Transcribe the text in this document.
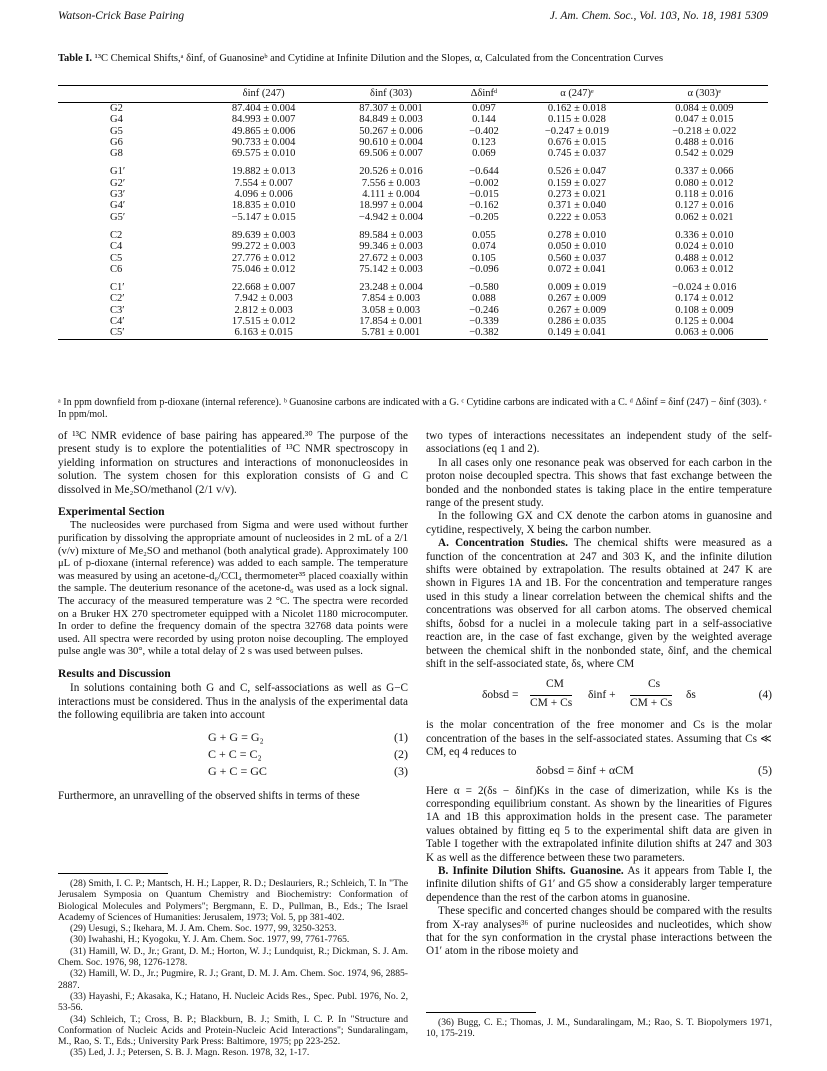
Watson-Crick Base Pairing	J. Am. Chem. Soc., Vol. 103, No. 18, 1981 5309
Table I. ¹³C Chemical Shifts,ᵃ δinf, of Guanosineᵇ and Cytidine at Infinite Dilution and the Slopes, α, Calculated from the Concentration Curves
	δinf (247)	δinf (303)	Δδinfᵈ	α (247)ᵉ	α (303)ᵉ
G2	87.404 ± 0.004	87.307 ± 0.001	0.097	0.162 ± 0.018	0.084 ± 0.009
G4	84.993 ± 0.007	84.849 ± 0.003	0.144	0.115 ± 0.028	0.047 ± 0.015
G5	49.865 ± 0.006	50.267 ± 0.006	−0.402	−0.247 ± 0.019	−0.218 ± 0.022
G6	90.733 ± 0.004	90.610 ± 0.004	0.123	0.676 ± 0.015	0.488 ± 0.016
G8	69.575 ± 0.010	69.506 ± 0.007	0.069	0.745 ± 0.037	0.542 ± 0.029

G1′	19.882 ± 0.013	20.526 ± 0.016	−0.644	0.526 ± 0.047	0.337 ± 0.066
G2′	7.554 ± 0.007	7.556 ± 0.003	−0.002	0.159 ± 0.027	0.080 ± 0.012
G3′	4.096 ± 0.006	4.111 ± 0.004	−0.015	0.273 ± 0.021	0.118 ± 0.016
G4′	18.835 ± 0.010	18.997 ± 0.004	−0.162	0.371 ± 0.040	0.127 ± 0.016
G5′	−5.147 ± 0.015	−4.942 ± 0.004	−0.205	0.222 ± 0.053	0.062 ± 0.021

C2	89.639 ± 0.003	89.584 ± 0.003	0.055	0.278 ± 0.010	0.336 ± 0.010
C4	99.272 ± 0.003	99.346 ± 0.003	0.074	0.050 ± 0.010	0.024 ± 0.010
C5	27.776 ± 0.012	27.672 ± 0.003	0.105	0.560 ± 0.037	0.488 ± 0.012
C6	75.046 ± 0.012	75.142 ± 0.003	−0.096	0.072 ± 0.041	0.063 ± 0.012

C1′	22.668 ± 0.007	23.248 ± 0.004	−0.580	0.009 ± 0.019	−0.024 ± 0.016
C2′	7.942 ± 0.003	7.854 ± 0.003	0.088	0.267 ± 0.009	0.174 ± 0.012
C3′	2.812 ± 0.003	3.058 ± 0.003	−0.246	0.267 ± 0.009	0.108 ± 0.009
C4′	17.515 ± 0.012	17.854 ± 0.001	−0.339	0.286 ± 0.035	0.125 ± 0.004
C5′	6.163 ± 0.015	5.781 ± 0.001	−0.382	0.149 ± 0.041	0.063 ± 0.006
ᵃ In ppm downfield from p-dioxane (internal reference). ᵇ Guanosine carbons are indicated with a G. ᶜ Cytidine carbons are indicated with a C. ᵈ Δδinf = δinf (247) − δinf (303). ᵉ In ppm/mol.

of ¹³C NMR evidence of base pairing has appeared.³⁰ The purpose of the present study is to explore the potentialities of ¹³C NMR spectroscopy in yielding information on structures and interactions of mononucleosides in solution. The system chosen for this exploration consists of G and C dissolved in Me₂SO/methanol (2/1 v/v).

Experimental Section

The nucleosides were purchased from Sigma and were used without further purification by dissolving the appropriate amount of nucleosides in 2 mL of a 2/1 (v/v) mixture of Me₂SO and methanol (both analytical grade). Approximately 100 μL of p-dioxane (internal reference) was added to each sample. The temperature was measured by using an acetone-d₆/CCl₄ thermometer³⁵ placed coaxially within the sample. The deuterium resonance of the acetone-d₆ was used as a lock signal. The accuracy of the measured temperature was 2 °C. The spectra were recorded on a Bruker HX 270 spectrometer equipped with a Nicolet 1180 microcomputer. In order to define the frequency domain of the spectra 32768 data points were used. All spectra were recorded by using proton noise decoupling. The employed pulse angle was 30°, while a total delay of 2 s was used between pulses.

Results and Discussion

In solutions containing both G and C, self-associations as well as G−C interactions must be considered. Thus in the analysis of the experimental data the following equilibria are taken into account

G + G = G₂	(1)
C + C = C₂	(2)
G + C = GC	(3)

Furthermore, an unravelling of the observed shifts in terms of these

(28) Smith, I. C. P.; Mantsch, H. H.; Lapper, R. D.; Deslauriers, R.; Schleich, T. In "The Jerusalem Symposia on Quantum Chemistry and Biochemistry: Conformation of Biological Molecules and Polymers"; Bergmann, E. D., Pullman, B., Eds.; The Israel Academy of Sciences of Humanities: Jerusalem, 1973; Vol. 5, pp 381-402.

(29) Uesugi, S.; Ikehara, M. J. Am. Chem. Soc. 1977, 99, 3250-3253.

(30) Iwahashi, H.; Kyogoku, Y. J. Am. Chem. Soc. 1977, 99, 7761-7765.

(31) Hamill, W. D., Jr.; Grant, D. M.; Horton, W. J.; Lundquist, R.; Dickman, S. J. Am. Chem. Soc. 1976, 98, 1276-1278.

(32) Hamill, W. D., Jr.; Pugmire, R. J.; Grant, D. M. J. Am. Chem. Soc. 1974, 96, 2885-2887.

(33) Hayashi, F.; Akasaka, K.; Hatano, H. Nucleic Acids Res., Spec. Publ. 1976, No. 2, 53-56.

(34) Schleich, T.; Cross, B. P.; Blackburn, B. J.; Smith, I. C. P. In "Structure and Conformation of Nucleic Acids and Protein-Nucleic Acid Interactions"; Sundaralingam, M., Rao, S. T., Eds.; University Park Press: Baltimore, 1975; pp 223-252.

(35) Led, J. J.; Petersen, S. B. J. Magn. Reson. 1978, 32, 1-17.

two types of interactions necessitates an independent study of the self-associations (eq 1 and 2).

In all cases only one resonance peak was observed for each carbon in the proton noise decoupled spectra. This shows that fast exchange between the bonded and the nonbonded states is taking place in the entire temperature range of the present study.

In the following GX and CX denote the carbon atoms in guanosine and cytidine, respectively, X being the carbon number.

A. Concentration Studies. The chemical shifts were measured as a function of the concentration at 247 and 303 K, and the infinite dilution shifts were obtained by extrapolation. The results obtained at 247 K are shown in Figures 1A and 1B. For the concentration and temperature ranges used in this study a linear correlation between the chemical shifts and the concentrations was observed for all carbon atoms. The observed chemical shifts, δobsd for a nuclei in a molecule taking part in a self-associative reaction are, in the case of fast exchange, given by the weighted average between the chemical shift in the nonbonded state, δinf, and the chemical shift in the self-associated state, δs, where CM

δobsd =
CM
CM + Cs
δinf +
Cs
CM + Cs
δs	(4)

is the molar concentration of the free monomer and Cs is the molar concentration of the bases in the self-associated states. Assuming that Cs ≪ CM, eq 4 reduces to

δobsd = δinf + αCM	(5)

Here α = 2(δs − δinf)Ks in the case of dimerization, while Ks is the corresponding equilibrium constant. As shown by the linearities of Figures 1A and 1B this approximation holds in the present case. The parameter values obtained by fitting eq 5 to the experimental shift data are given in Table I together with the extrapolated infinite dilution shifts at 247 and 303 K as well as the difference between these two parameters.

B. Infinite Dilution Shifts. Guanosine. As it appears from Table I, the infinite dilution shifts of G1′ and G5 show a considerably larger temperature dependence than the rest of the carbon atoms in guanosine.

These specific and concerted changes should be compared with the results from X-ray analyses³⁶ of purine nucleosides and nucleotides, which show that for the syn conformation in the crystal phase interactions between the O1′ atom in the ribose moiety and

(36) Bugg, C. E.; Thomas, J. M., Sundaralingam, M.; Rao, S. T. Biopolymers 1971, 10, 175-219.
